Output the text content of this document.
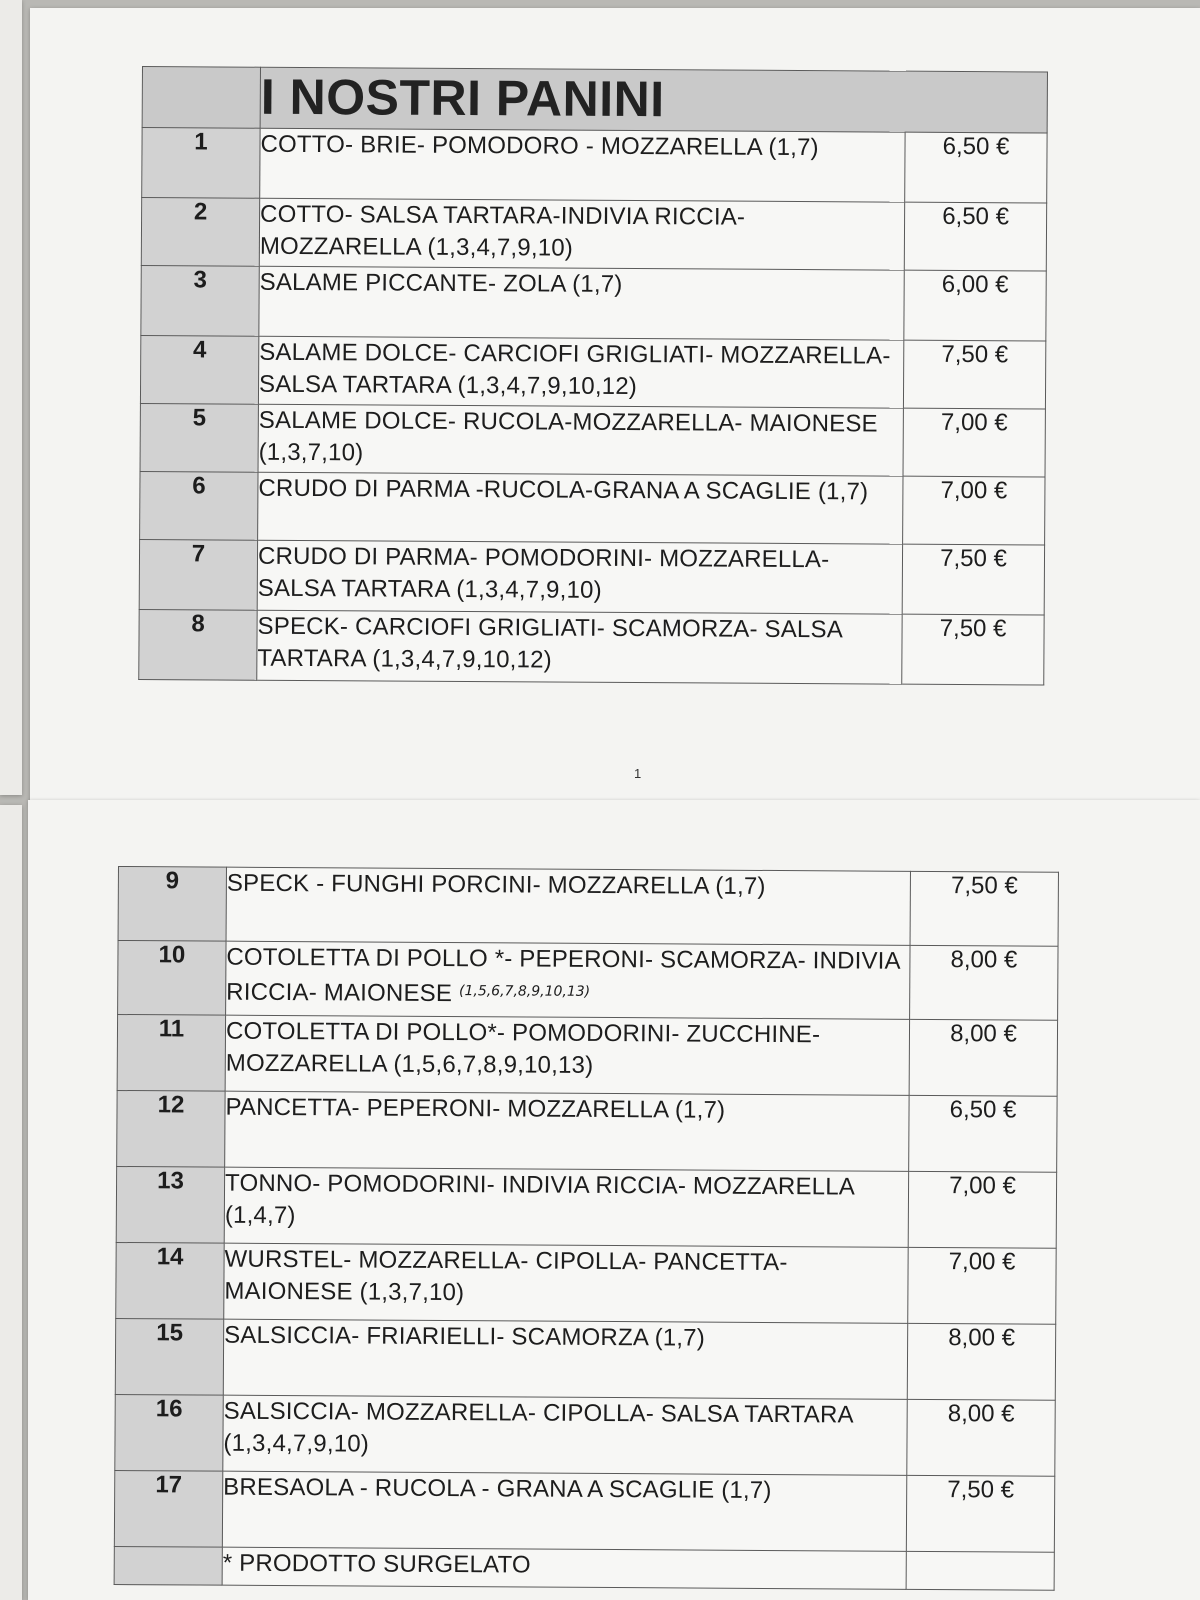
	I NOSTRI PANINI	
1	COTTO- BRIE- POMODORO - MOZZARELLA (1,7)	6,50 €
2	COTTO- SALSA TARTARA-INDIVIA RICCIA- MOZZARELLA (1,3,4,7,9,10)	6,50 €
3	SALAME PICCANTE- ZOLA (1,7)	6,00 €
4	SALAME DOLCE- CARCIOFI GRIGLIATI- MOZZARELLA-SALSA TARTARA (1,3,4,7,9,10,12)	7,50 €
5	SALAME DOLCE- RUCOLA-MOZZARELLA- MAIONESE (1,3,7,10)	7,00 €
6	CRUDO DI PARMA -RUCOLA-GRANA A SCAGLIE (1,7)	7,00 €
7	CRUDO DI PARMA- POMODORINI- MOZZARELLA- SALSA TARTARA (1,3,4,7,9,10)	7,50 €
8	SPECK- CARCIOFI GRIGLIATI- SCAMORZA- SALSA TARTARA (1,3,4,7,9,10,12)	7,50 €
1
9	SPECK - FUNGHI PORCINI- MOZZARELLA (1,7)	7,50 €
10	COTOLETTA DI POLLO *- PEPERONI- SCAMORZA- INDIVIA RICCIA- MAIONESE $^{(1,5,6,7,8,9,10,13)}$	8,00 €
11	COTOLETTA DI POLLO*- POMODORINI- ZUCCHINE- MOZZARELLA (1,5,6,7,8,9,10,13)	8,00 €
12	PANCETTA- PEPERONI- MOZZARELLA (1,7)	6,50 €
13	TONNO- POMODORINI- INDIVIA RICCIA- MOZZARELLA (1,4,7)	7,00 €
14	WURSTEL- MOZZARELLA- CIPOLLA- PANCETTA- MAIONESE (1,3,7,10)	7,00 €
15	SALSICCIA- FRIARIELLI- SCAMORZA (1,7)	8,00 €
16	SALSICCIA- MOZZARELLA- CIPOLLA- SALSA TARTARA (1,3,4,7,9,10)	8,00 €
17	BRESAOLA - RUCOLA - GRANA A SCAGLIE (1,7)	7,50 €
	* PRODOTTO SURGELATO	
